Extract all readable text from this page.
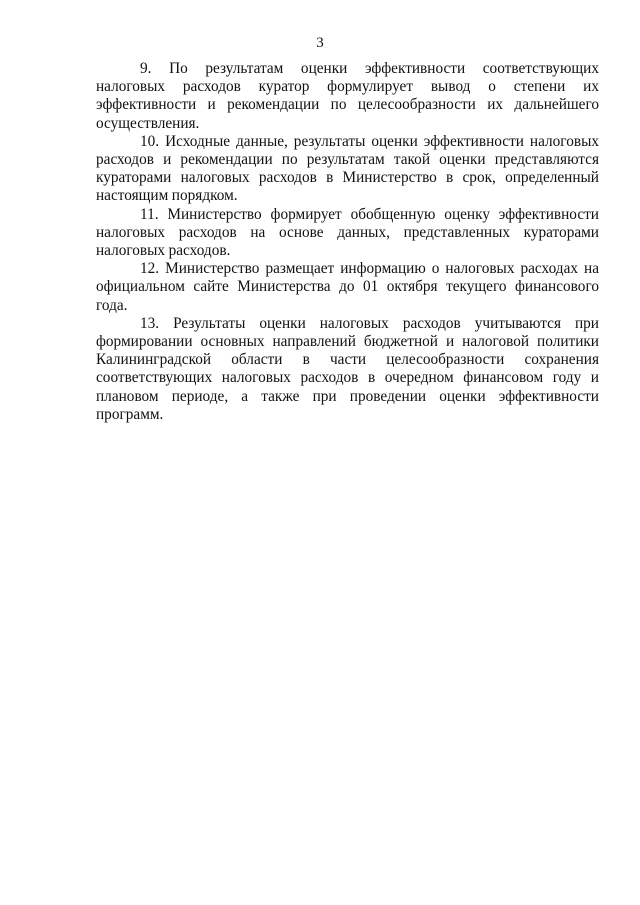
3

9. По результатам оценки эффективности соответствующих налоговых расходов куратор формулирует вывод о степени их эффективности и рекомендации по целесообразности их дальнейшего осуществления.

10. Исходные данные, результаты оценки эффективности налоговых расходов и рекомендации по результатам такой оценки представляются кураторами налоговых расходов в Министерство в срок, определенный настоящим порядком.

11. Министерство формирует обобщенную оценку эффективности налоговых расходов на основе данных, представленных кураторами налоговых расходов.

12. Министерство размещает информацию о налоговых расходах на официальном сайте Министерства до 01 октября текущего финансового года.

13. Результаты оценки налоговых расходов учитываются при формировании основных направлений бюджетной и налоговой политики Калининградской области в части целесообразности сохранения соответствующих налоговых расходов в очередном финансовом году и плановом периоде, а также при проведении оценки эффективности программ.
